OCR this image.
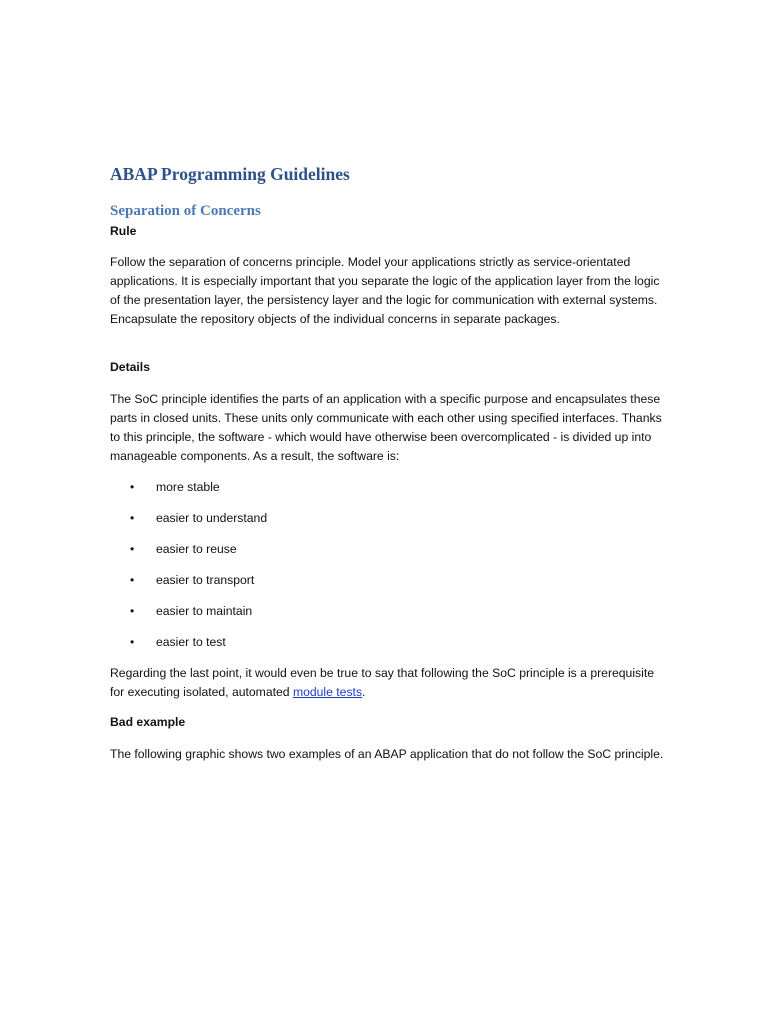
ABAP Programming Guidelines
Separation of Concerns

Rule

Follow the separation of concerns principle. Model your applications strictly as service-orientated applications. It is especially important that you separate the logic of the application layer from the logic of the presentation layer, the persistency layer and the logic for communication with external systems. Encapsulate the repository objects of the individual concerns in separate packages.

Details

The SoC principle identifies the parts of an application with a specific purpose and encapsulates these parts in closed units. These units only communicate with each other using specified interfaces. Thanks to this principle, the software - which would have otherwise been overcomplicated - is divided up into manageable components. As a result, the software is:

•	more stable
•	easier to understand
•	easier to reuse
•	easier to transport
•	easier to maintain
•	easier to test

Regarding the last point, it would even be true to say that following the SoC principle is a prerequisite for executing isolated, automated module tests.

Bad example

The following graphic shows two examples of an ABAP application that do not follow the SoC principle.
